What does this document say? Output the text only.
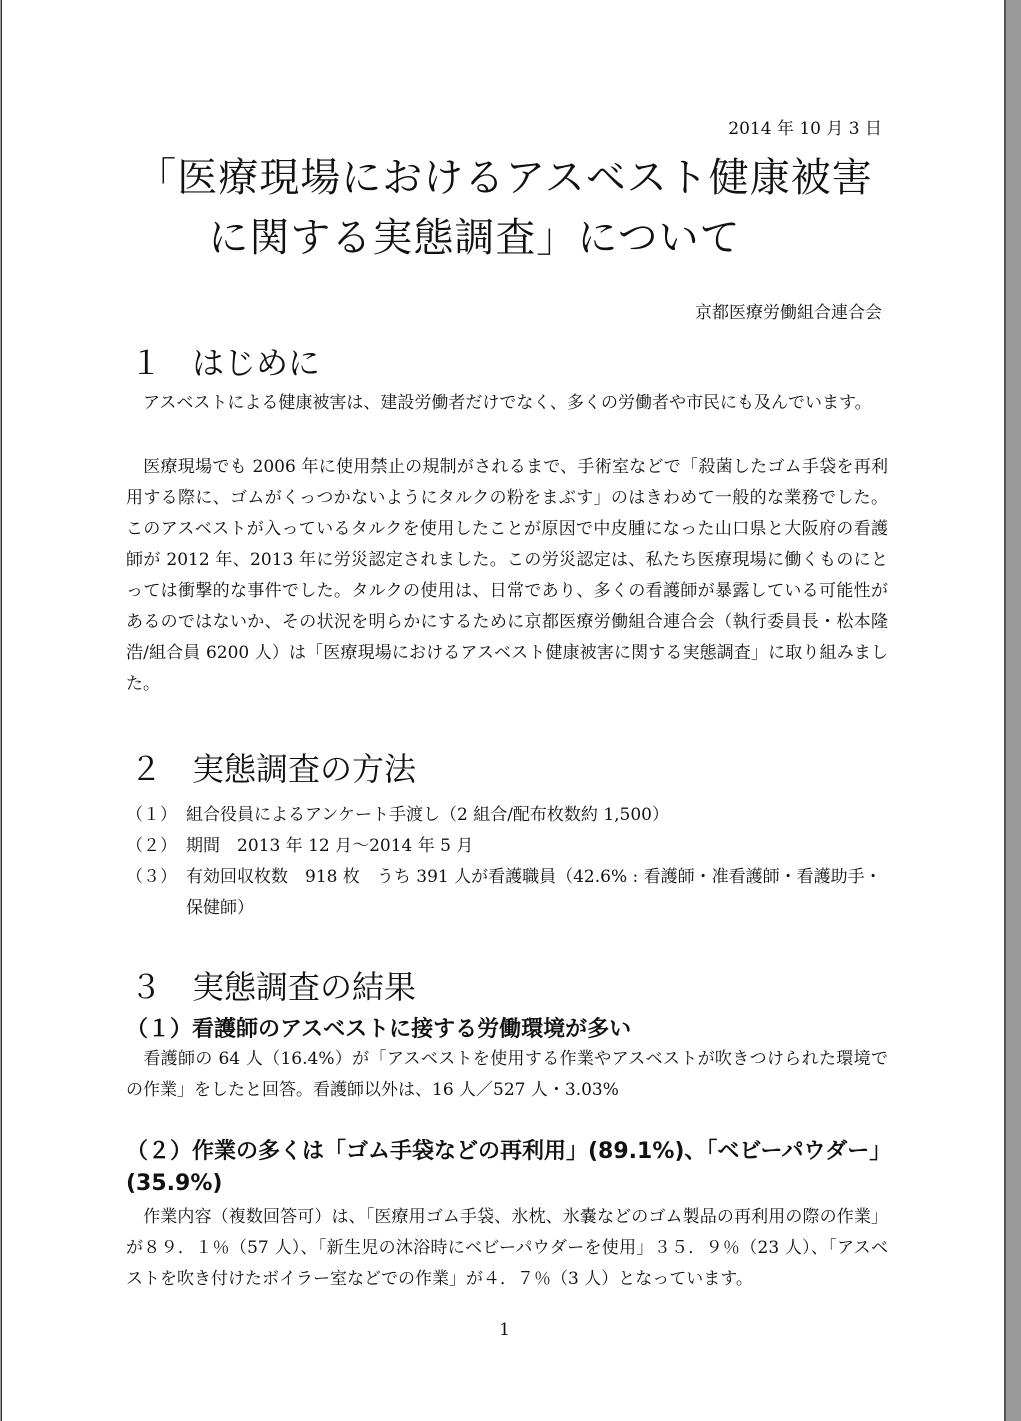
2014 年 10 月 3 日
「医療現場におけるアスベスト健康被害
に関する実態調査」について
京都医療労働組合連合会
１ はじめに
　アスベストによる健康被害は、建設労働者だけでなく、多くの労働者や市民にも及んでいます。
　医療現場でも 2006 年に使用禁止の規制がされるまで、手術室などで「殺菌したゴム手袋を再利用する際に、ゴムがくっつかないようにタルクの粉をまぶす」のはきわめて一般的な業務でした。このアスベストが入っているタルクを使用したことが原因で中皮腫になった山口県と大阪府の看護師が 2012 年、2013 年に労災認定されました。この労災認定は、私たち医療現場に働くものにとっては衝撃的な事件でした。タルクの使用は、日常であり、多くの看護師が暴露している可能性があるのではないか、その状況を明らかにするために京都医療労働組合連合会（執行委員長・松本隆浩/組合員 6200 人）は「医療現場におけるアスベスト健康被害に関する実態調査」に取り組みました。
２ 実態調査の方法
（１） 組合役員によるアンケート手渡し（2 組合/配布枚数約 1,500）
（２） 期間　2013 年 12 月〜2014 年 5 月
（３） 有効回収枚数　918 枚　うち 391 人が看護職員（42.6% : 看護師・准看護師・看護助手・
保健師）
３ 実態調査の結果
（１）看護師のアスベストに接する労働環境が多い
　看護師の 64 人（16.4%）が「アスベストを使用する作業やアスベストが吹きつけられた環境での作業」をしたと回答。看護師以外は、16 人／527 人・3.03%
（２）作業の多くは「ゴム手袋などの再利用」(89.1%)、「ベビーパウダー」(35.9%)
　作業内容（複数回答可）は、「医療用ゴム手袋、氷枕、氷嚢などのゴム製品の再利用の際の作業」が８９．１％（57 人）、「新生児の沐浴時にベビーパウダーを使用」３５．９％（23 人）、「アスベストを吹き付けたボイラー室などでの作業」が４．７％（3 人）となっています。
1
